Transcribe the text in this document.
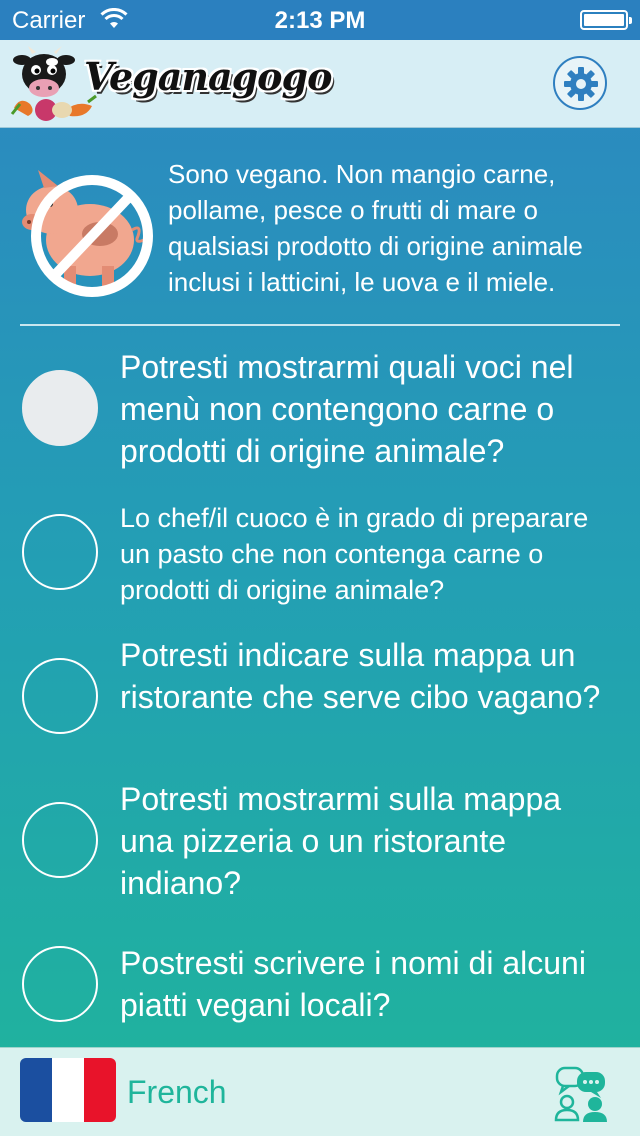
Carrier	2:13 PM
Veganagogo
Sono vegano. Non mangio carne, pollame, pesce o frutti di mare o qualsiasi prodotto di origine animale inclusi i latticini, le uova e il miele.
Potresti mostrarmi quali voci nel menù non contengono carne o prodotti di origine animale?
Lo chef/il cuoco è in grado di preparare un pasto che non contenga carne o prodotti di origine animale?
Potresti indicare sulla mappa un ristorante che serve cibo vagano?
Potresti mostrarmi sulla mappa una pizzeria o un ristorante indiano?
Postresti scrivere i nomi di alcuni piatti vegani locali?
French
